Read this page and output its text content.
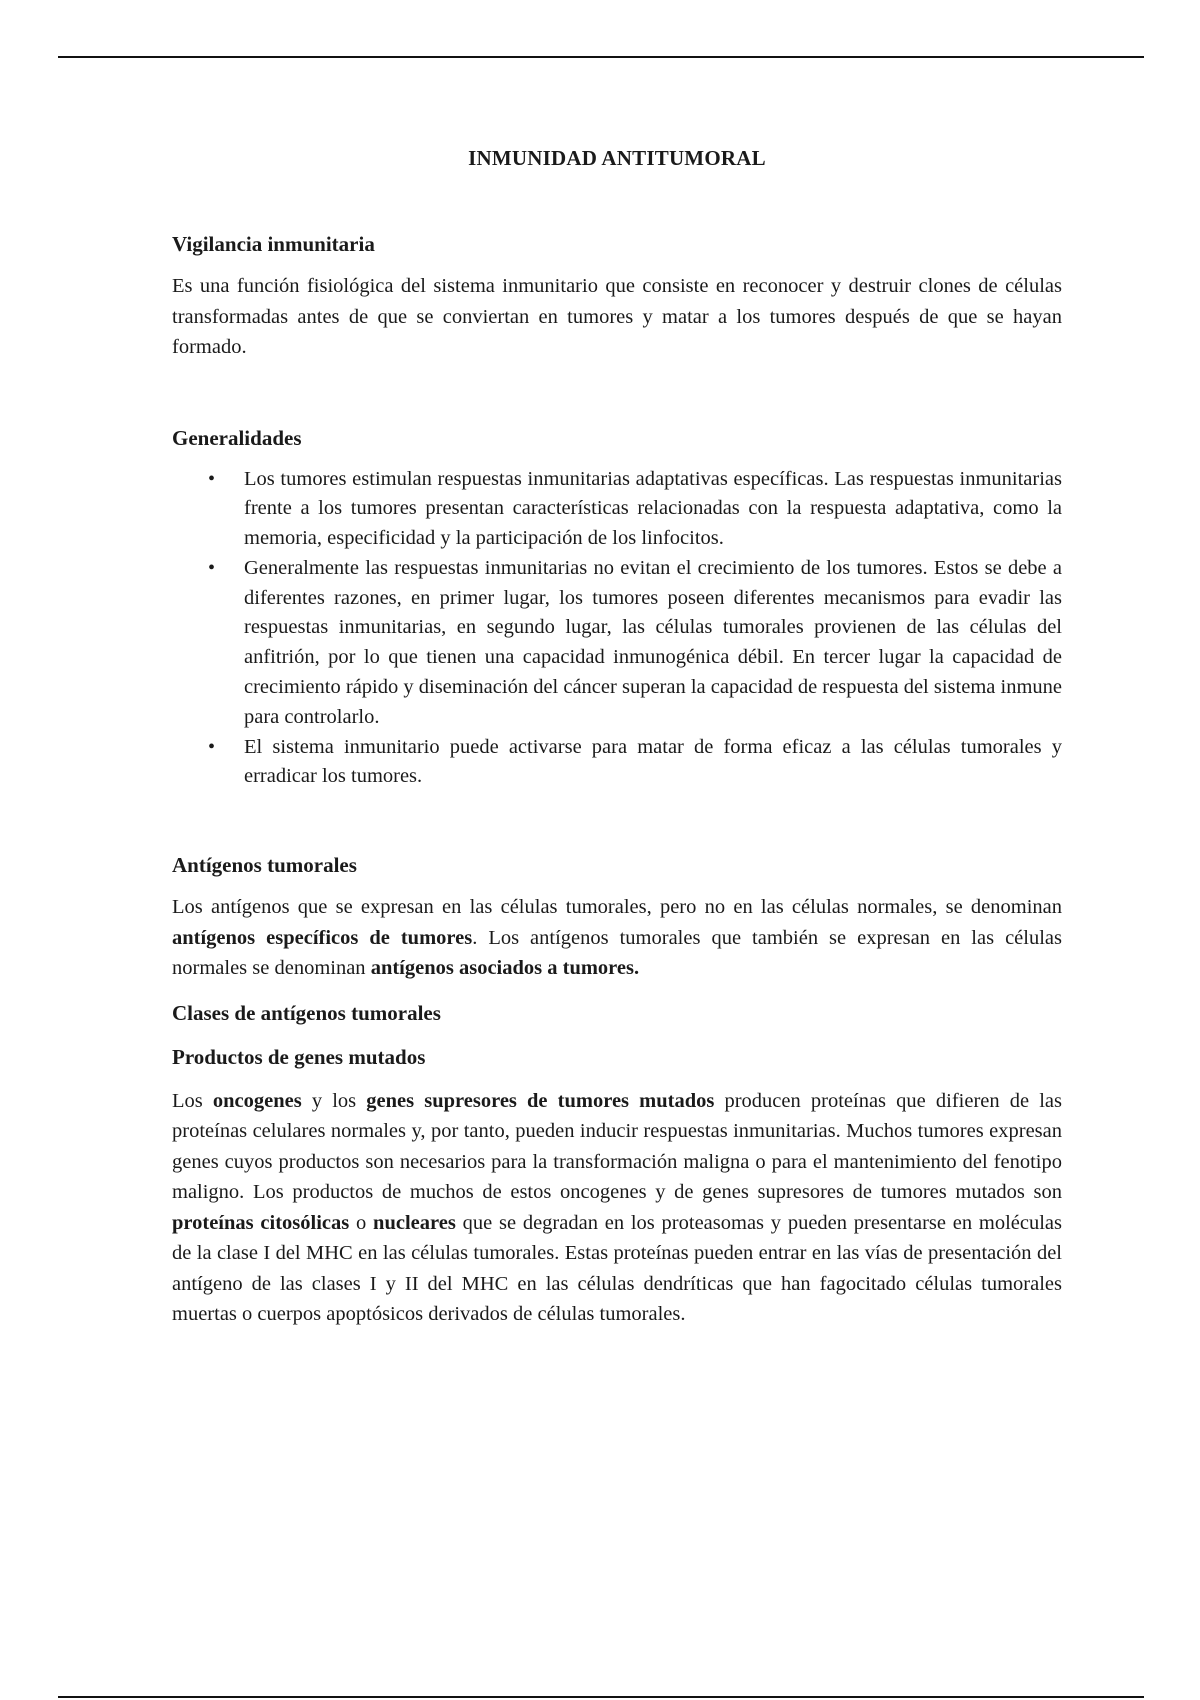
INMUNIDAD ANTITUMORAL
Vigilancia inmunitaria

Es una función fisiológica del sistema inmunitario que consiste en reconocer y destruir clones de células transformadas antes de que se conviertan en tumores y matar a los tumores después de que se hayan formado.

Generalidades
• Los tumores estimulan respuestas inmunitarias adaptativas específicas. Las respuestas inmunitarias frente a los tumores presentan características relacionadas con la respuesta adaptativa, como la memoria, especificidad y la participación de los linfocitos.
• Generalmente las respuestas inmunitarias no evitan el crecimiento de los tumores. Estos se debe a diferentes razones, en primer lugar, los tumores poseen diferentes mecanismos para evadir las respuestas inmunitarias, en segundo lugar, las células tumorales provienen de las células del anfitrión, por lo que tienen una capacidad inmunogénica débil. En tercer lugar la capacidad de crecimiento rápido y diseminación del cáncer superan la capacidad de respuesta del sistema inmune para controlarlo.
• El sistema inmunitario puede activarse para matar de forma eficaz a las células tumorales y erradicar los tumores.
Antígenos tumorales

Los antígenos que se expresan en las células tumorales, pero no en las células normales, se denominan antígenos específicos de tumores. Los antígenos tumorales que también se expresan en las células normales se denominan antígenos asociados a tumores.

Clases de antígenos tumorales
Productos de genes mutados

Los oncogenes y los genes supresores de tumores mutados producen proteínas que difieren de las proteínas celulares normales y, por tanto, pueden inducir respuestas inmunitarias. Muchos tumores expresan genes cuyos productos son necesarios para la transformación maligna o para el mantenimiento del fenotipo maligno. Los productos de muchos de estos oncogenes y de genes supresores de tumores mutados son proteínas citosólicas o nucleares que se degradan en los proteasomas y pueden presentarse en moléculas de la clase I del MHC en las células tumorales. Estas proteínas pueden entrar en las vías de presentación del antígeno de las clases I y II del MHC en las células dendríticas que han fagocitado células tumorales muertas o cuerpos apoptósicos derivados de células tumorales.
